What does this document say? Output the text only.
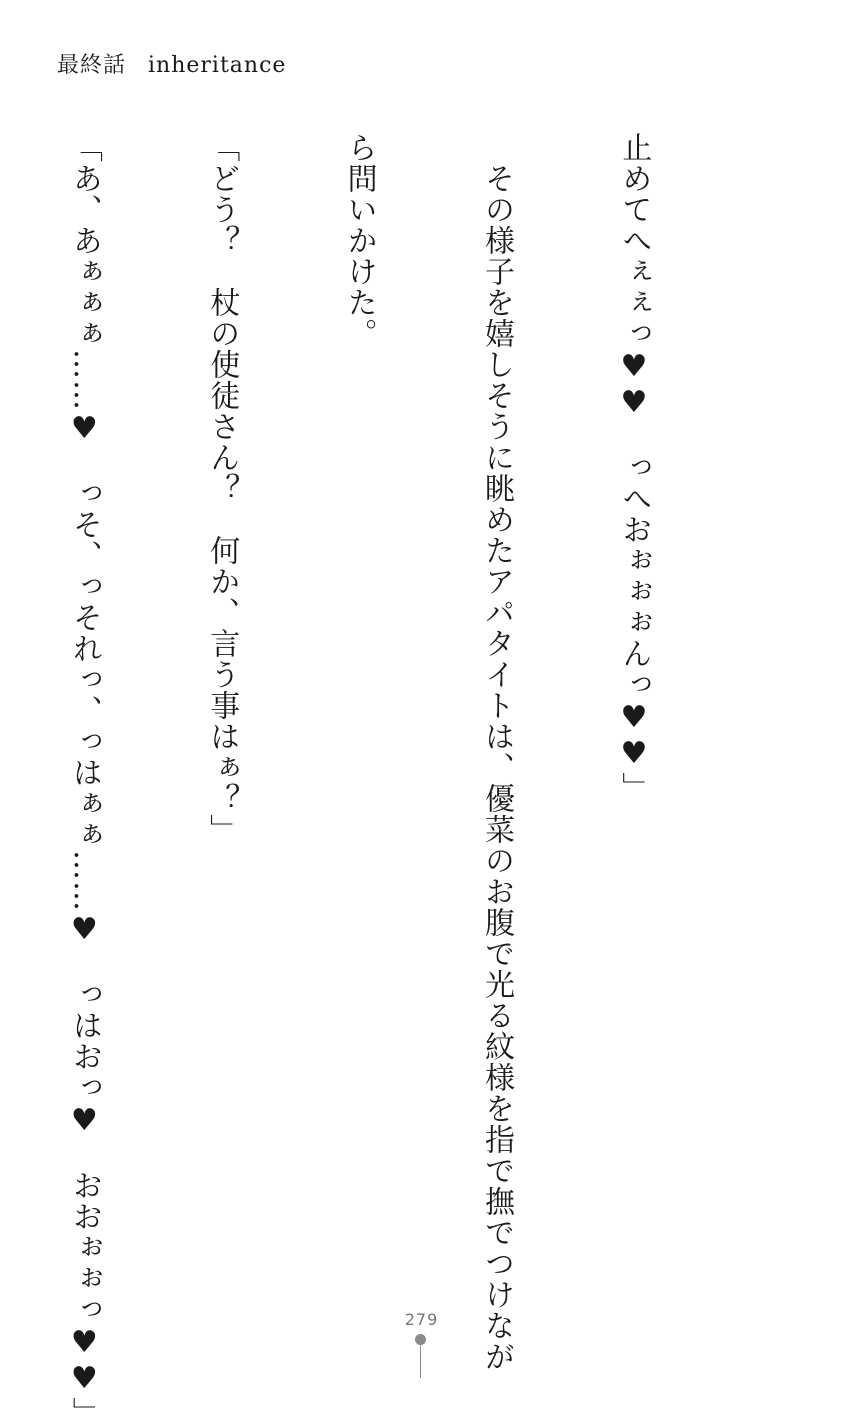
最終話 inheritance

止めてへぇぇっ♥♥　っへおぉぉぉんっ♥♥」

　その様子を嬉しそうに眺めたアパタイトは、優菜のお腹で光る紋様を指で撫でつけなが

ら問いかけた。

「どう？　杖の使徒さん？　何か、言う事はぁ？」

「あ、あぁぁぁ……♥　っそ、っそれっ、っはぁぁ……♥　っはおっ♥　おおぉぉっ♥♥」

	279
